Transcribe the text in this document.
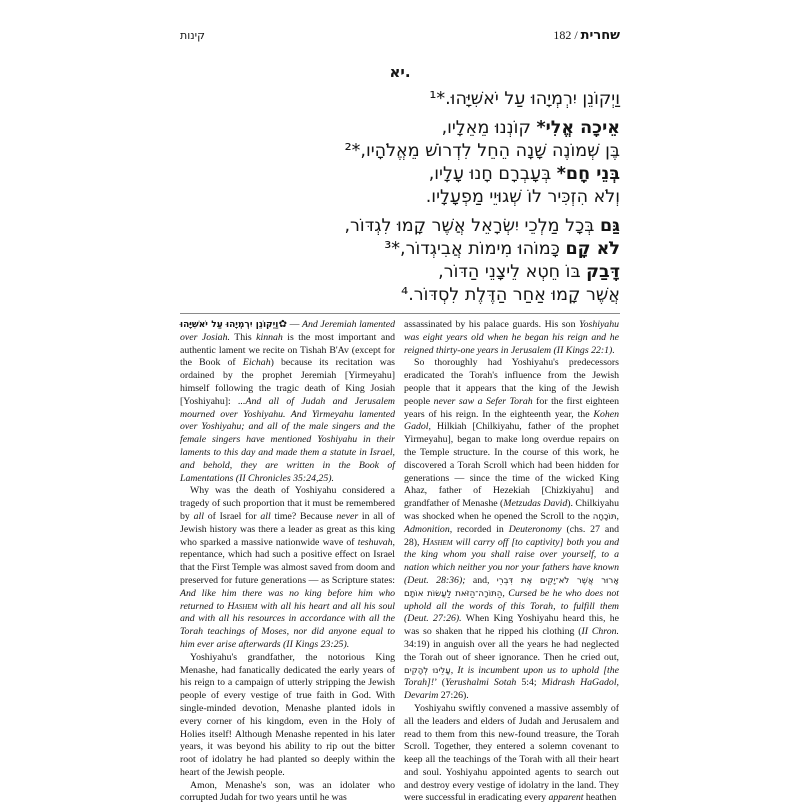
קינות	182 / שחרית
יא.
וַיְקוֹנֵן יִרְמְיָהוּ עַל יֹאשִׁיָּהוּ.*¹
אֵיכָה אֱלִי* קוֹנְנוּ מֵאֵלָיו,
בֶּן שְׁמוֹנֶה שָׁנָה הֵחֵל לִדְרוֹשׁ מֵאֱלֹהָיו,*²
בְּנֵי חָם* בְּעָבְרָם חָנוּ עָלָיו,
וְלֹא הִזְכִּיר לוֹ שְׁגוּיֵי מַפְעָלָיו.
גַּם בְּכָל מַלְכֵי יִשְׂרָאֵל אֲשֶׁר קָמוּ לִגְדּוֹר,
לֹא קָם כָּמוֹהוּ מִימוֹת אֲבִיגְדוֹר,*³
דָּבַק בּוֹ חֵטְא לֵיצָנֵי הַדּוֹר,
אֲשֶׁר קָמוּ אַחַר הַדֶּלֶת לִסְדּוֹר.⁴

וַיְקוֹנֵן יִרְמְיָהוּ עַל יֹאשִׁיָּהוּ✿ — And Jeremiah lamented over Josiah. This kinnah is the most important and authentic lament we recite on Tishah B'Av (except for the Book of Eichah) because its recitation was ordained by the prophet Jeremiah [Yirmeyahu] himself following the tragic death of King Josiah [Yoshiyahu]: ...And all of Judah and Jerusalem mourned over Yoshiyahu. And Yirmeyahu lamented over Yoshiyahu; and all of the male singers and the female singers have mentioned Yoshiyahu in their laments to this day and made them a statute in Israel, and behold, they are written in the Book of Lamentations (II Chronicles 35:24,25).

Why was the death of Yoshiyahu considered a tragedy of such proportion that it must be remembered by all of Israel for all time? Because never in all of Jewish history was there a leader as great as this king who sparked a massive nationwide wave of teshuvah, repentance, which had such a positive effect on Israel that the First Temple was almost saved from doom and preserved for future generations — as Scripture states: And like him there was no king before him who returned to Hashem with all his heart and all his soul and with all his resources in accordance with all the Torah teachings of Moses, nor did anyone equal to him ever arise afterwards (II Kings 23:25).

Yoshiyahu's grandfather, the notorious King Menashe, had fanatically dedicated the early years of his reign to a campaign of utterly stripping the Jewish people of every vestige of true faith in God. With single-minded devotion, Menashe planted idols in every corner of his kingdom, even in the Holy of Holies itself! Although Menashe repented in his later years, it was beyond his ability to rip out the bitter root of idolatry he had planted so deeply within the heart of the Jewish people.

Amon, Menashe's son, was an idolater who corrupted Judah for two years until he was

assassinated by his palace guards. His son Yoshiyahu was eight years old when he began his reign and he reigned thirty-one years in Jerusalem (II Kings 22:1).

So thoroughly had Yoshiyahu's predecessors eradicated the Torah's influence from the Jewish people that it appears that the king of the Jewish people never saw a Sefer Torah for the first eighteen years of his reign. In the eighteenth year, the Kohen Gadol, Hilkiah [Chilkiyahu, father of the prophet Yirmeyahu], began to make long overdue repairs on the Temple structure. In the course of this work, he discovered a Torah Scroll which had been hidden for generations — since the time of the wicked King Ahaz, father of Hezekiah [Chizkiyahu] and grandfather of Menashe (Metzudas David). Chilkiyahu was shocked when he opened the Scroll to the תּוֹכָחָה, Admonition, recorded in Deuteronomy (chs. 27 and 28), Hashem will carry off [to captivity] both you and the king whom you shall raise over yourself, to a nation which neither you nor your fathers have known (Deut. 28:36); and, אָרוּר אֲשֶׁר לֹא־יָקִים אֶת דִּבְרֵי הַתּוֹרָה־הַזֹּאת לַעֲשׂוֹת אוֹתָם, Cursed be he who does not uphold all the words of this Torah, to fulfill them (Deut. 27:26). When King Yoshiyahu heard this, he was so shaken that he ripped his clothing (II Chron. 34:19) in anguish over all the years he had neglected the Torah out of sheer ignorance. Then he cried out, עָלֵינוּ לְהָקִים, It is incumbent upon us to uphold [the Torah]!’ (Yerushalmi Sotah 5:4; Midrash HaGadol, Devarim 27:26).

Yoshiyahu swiftly convened a massive assembly of all the leaders and elders of Judah and Jerusalem and read to them from this new-found treasure, the Torah Scroll. Together, they entered a solemn covenant to keep all the teachings of the Torah with all their heart and soul. Yoshiyahu appointed agents to search out and destroy every vestige of idolatry in the land. They were successful in eradicating every apparent heathen
